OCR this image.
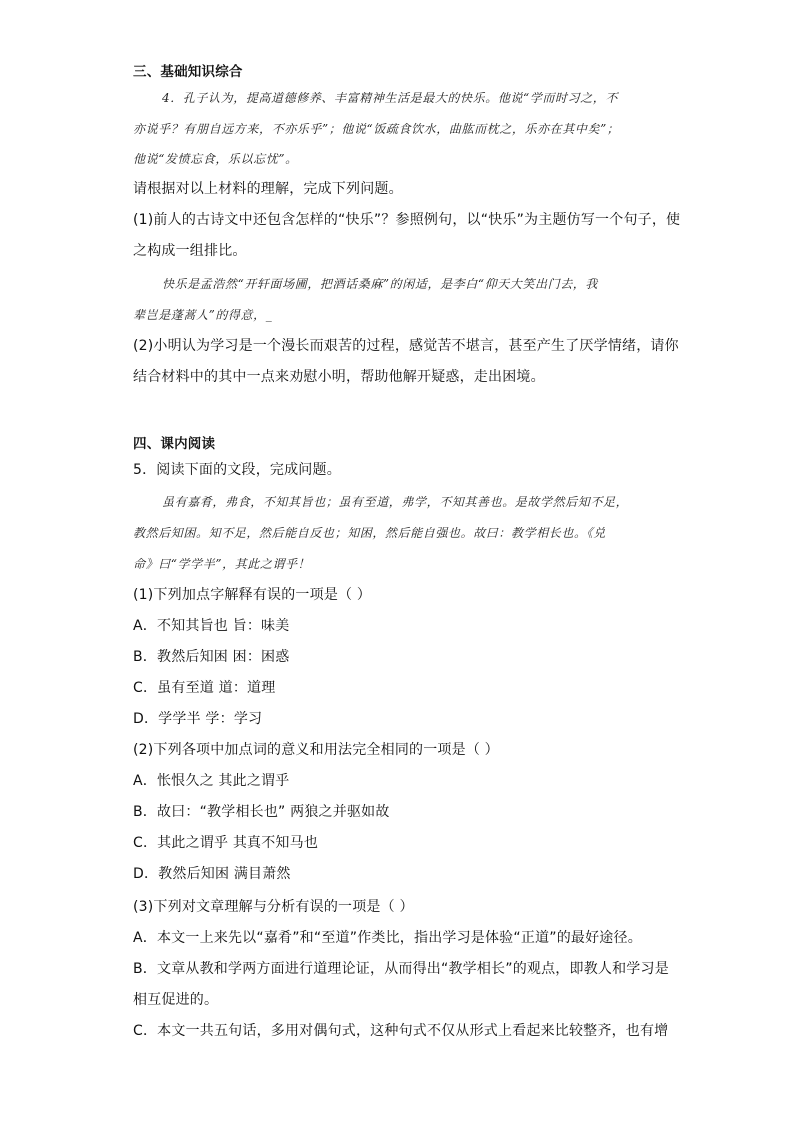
三、基础知识综合
4．孔子认为，提高道德修养、丰富精神生活是最大的快乐。他说“学而时习之，不
亦说乎？有朋自远方来，不亦乐乎”；他说“饭疏食饮水，曲肱而枕之，乐亦在其中矣”；
他说“发愤忘食，乐以忘忧”。
请根据对以上材料的理解，完成下列问题。
(1)前人的古诗文中还包含怎样的“快乐”？参照例句，以“快乐”为主题仿写一个句子，使
之构成一组排比。
快乐是孟浩然“开轩面场圃，把酒话桑麻”的闲适，是李白“仰天大笑出门去，我
辈岂是蓬蒿人”的得意，_
(2)小明认为学习是一个漫长而艰苦的过程，感觉苦不堪言，甚至产生了厌学情绪，请你
结合材料中的其中一点来劝慰小明，帮助他解开疑惑，走出困境。
四、课内阅读
5．阅读下面的文段，完成问题。
虽有嘉肴，弗食，不知其旨也；虽有至道，弗学，不知其善也。是故学然后知不足，
教然后知困。知不足，然后能自反也；知困，然后能自强也。故曰：教学相长也。《兑
命》曰“学学半”，其此之谓乎！
(1)下列加点字解释有误的一项是（ ）
A．不知其旨也 旨：味美
B．教然后知困 困：困惑
C．虽有至道 道：道理
D．学学半 学：学习
(2)下列各项中加点词的意义和用法完全相同的一项是（ ）
A．怅恨久之 其此之谓乎
B．故曰：“教学相长也” 两狼之并驱如故
C．其此之谓乎 其真不知马也
D．教然后知困 满目萧然
(3)下列对文章理解与分析有误的一项是（ ）
A．本文一上来先以“嘉肴”和“至道”作类比，指出学习是体验“正道”的最好途径。
B．文章从教和学两方面进行道理论证，从而得出“教学相长”的观点，即教人和学习是
相互促进的。
C．本文一共五句话，多用对偶句式，这种句式不仅从形式上看起来比较整齐，也有增
